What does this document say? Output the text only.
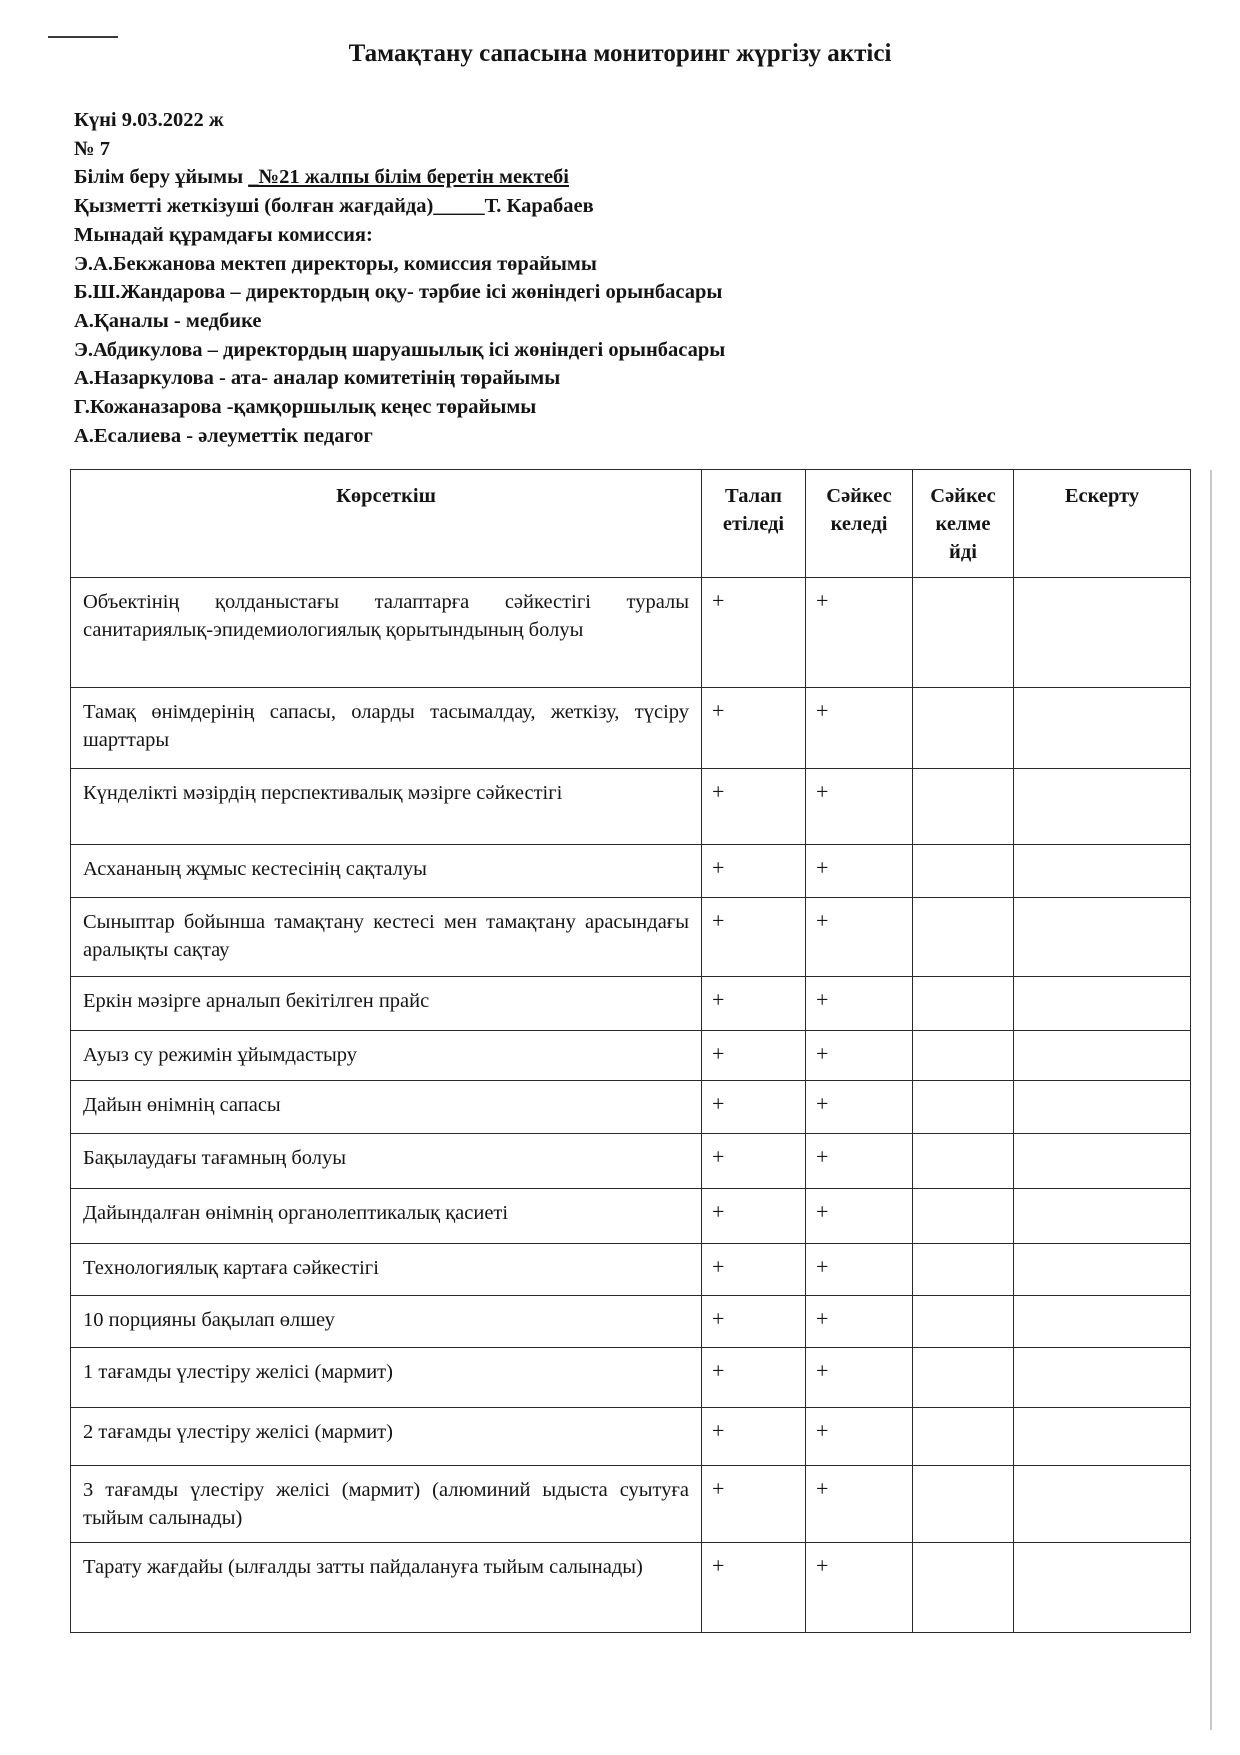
Тамақтану сапасына мониторинг жүргізу актісі
Күні 9.03.2022 ж
№ 7
Білім беру ұйымы _№21 жалпы білім беретін мектебі
Қызметті жеткізуші (болған жағдайда)_____Т. Карабаев
Мынадай құрамдағы комиссия:
Э.А.Бекжанова мектеп директоры, комиссия төрайымы
Б.Ш.Жандарова – директордың оқу- тәрбие ісі жөніндегі орынбасары
А.Қаналы - медбике
Э.Абдикулова – директордың шаруашылық ісі жөніндегі орынбасары
А.Назаркулова - ата- аналар комитетінің төрайымы
Г.Кожаназарова -қамқоршылық кеңес төрайымы
А.Есалиева - әлеуметтік педагог
Көрсеткіш	Талап етіледі	Сәйкес келеді	Сәйкес келме йді	Ескерту
Объектінің қолданыстағы талаптарға сәйкестігі туралы санитариялық-эпидемиологиялық қорытындының болуы	+	+		
Тамақ өнімдерінің сапасы, оларды тасымалдау, жеткізу, түсіру шарттары	+	+		
Күнделікті мәзірдің перспективалық мәзірге сәйкестігі	+	+		
Асхананың жұмыс кестесінің сақталуы	+	+		
Сыныптар бойынша тамақтану кестесі мен тамақтану арасындағы аралықты сақтау	+	+		
Еркін мәзірге арналып бекітілген прайс	+	+		
Ауыз су режимін ұйымдастыру	+	+		
Дайын өнімнің сапасы	+	+		
Бақылаудағы тағамның болуы	+	+		
Дайындалған өнімнің органолептикалық қасиеті	+	+		
Технологиялық картаға сәйкестігі	+	+		
10 порцияны бақылап өлшеу	+	+		
1 тағамды үлестіру желісі (мармит)	+	+		
2 тағамды үлестіру желісі (мармит)	+	+		
3 тағамды үлестіру желісі (мармит) (алюминий ыдыста суытуға тыйым салынады)	+	+		
Тарату жағдайы (ылғалды затты пайдалануға тыйым салынады)	+	+		
